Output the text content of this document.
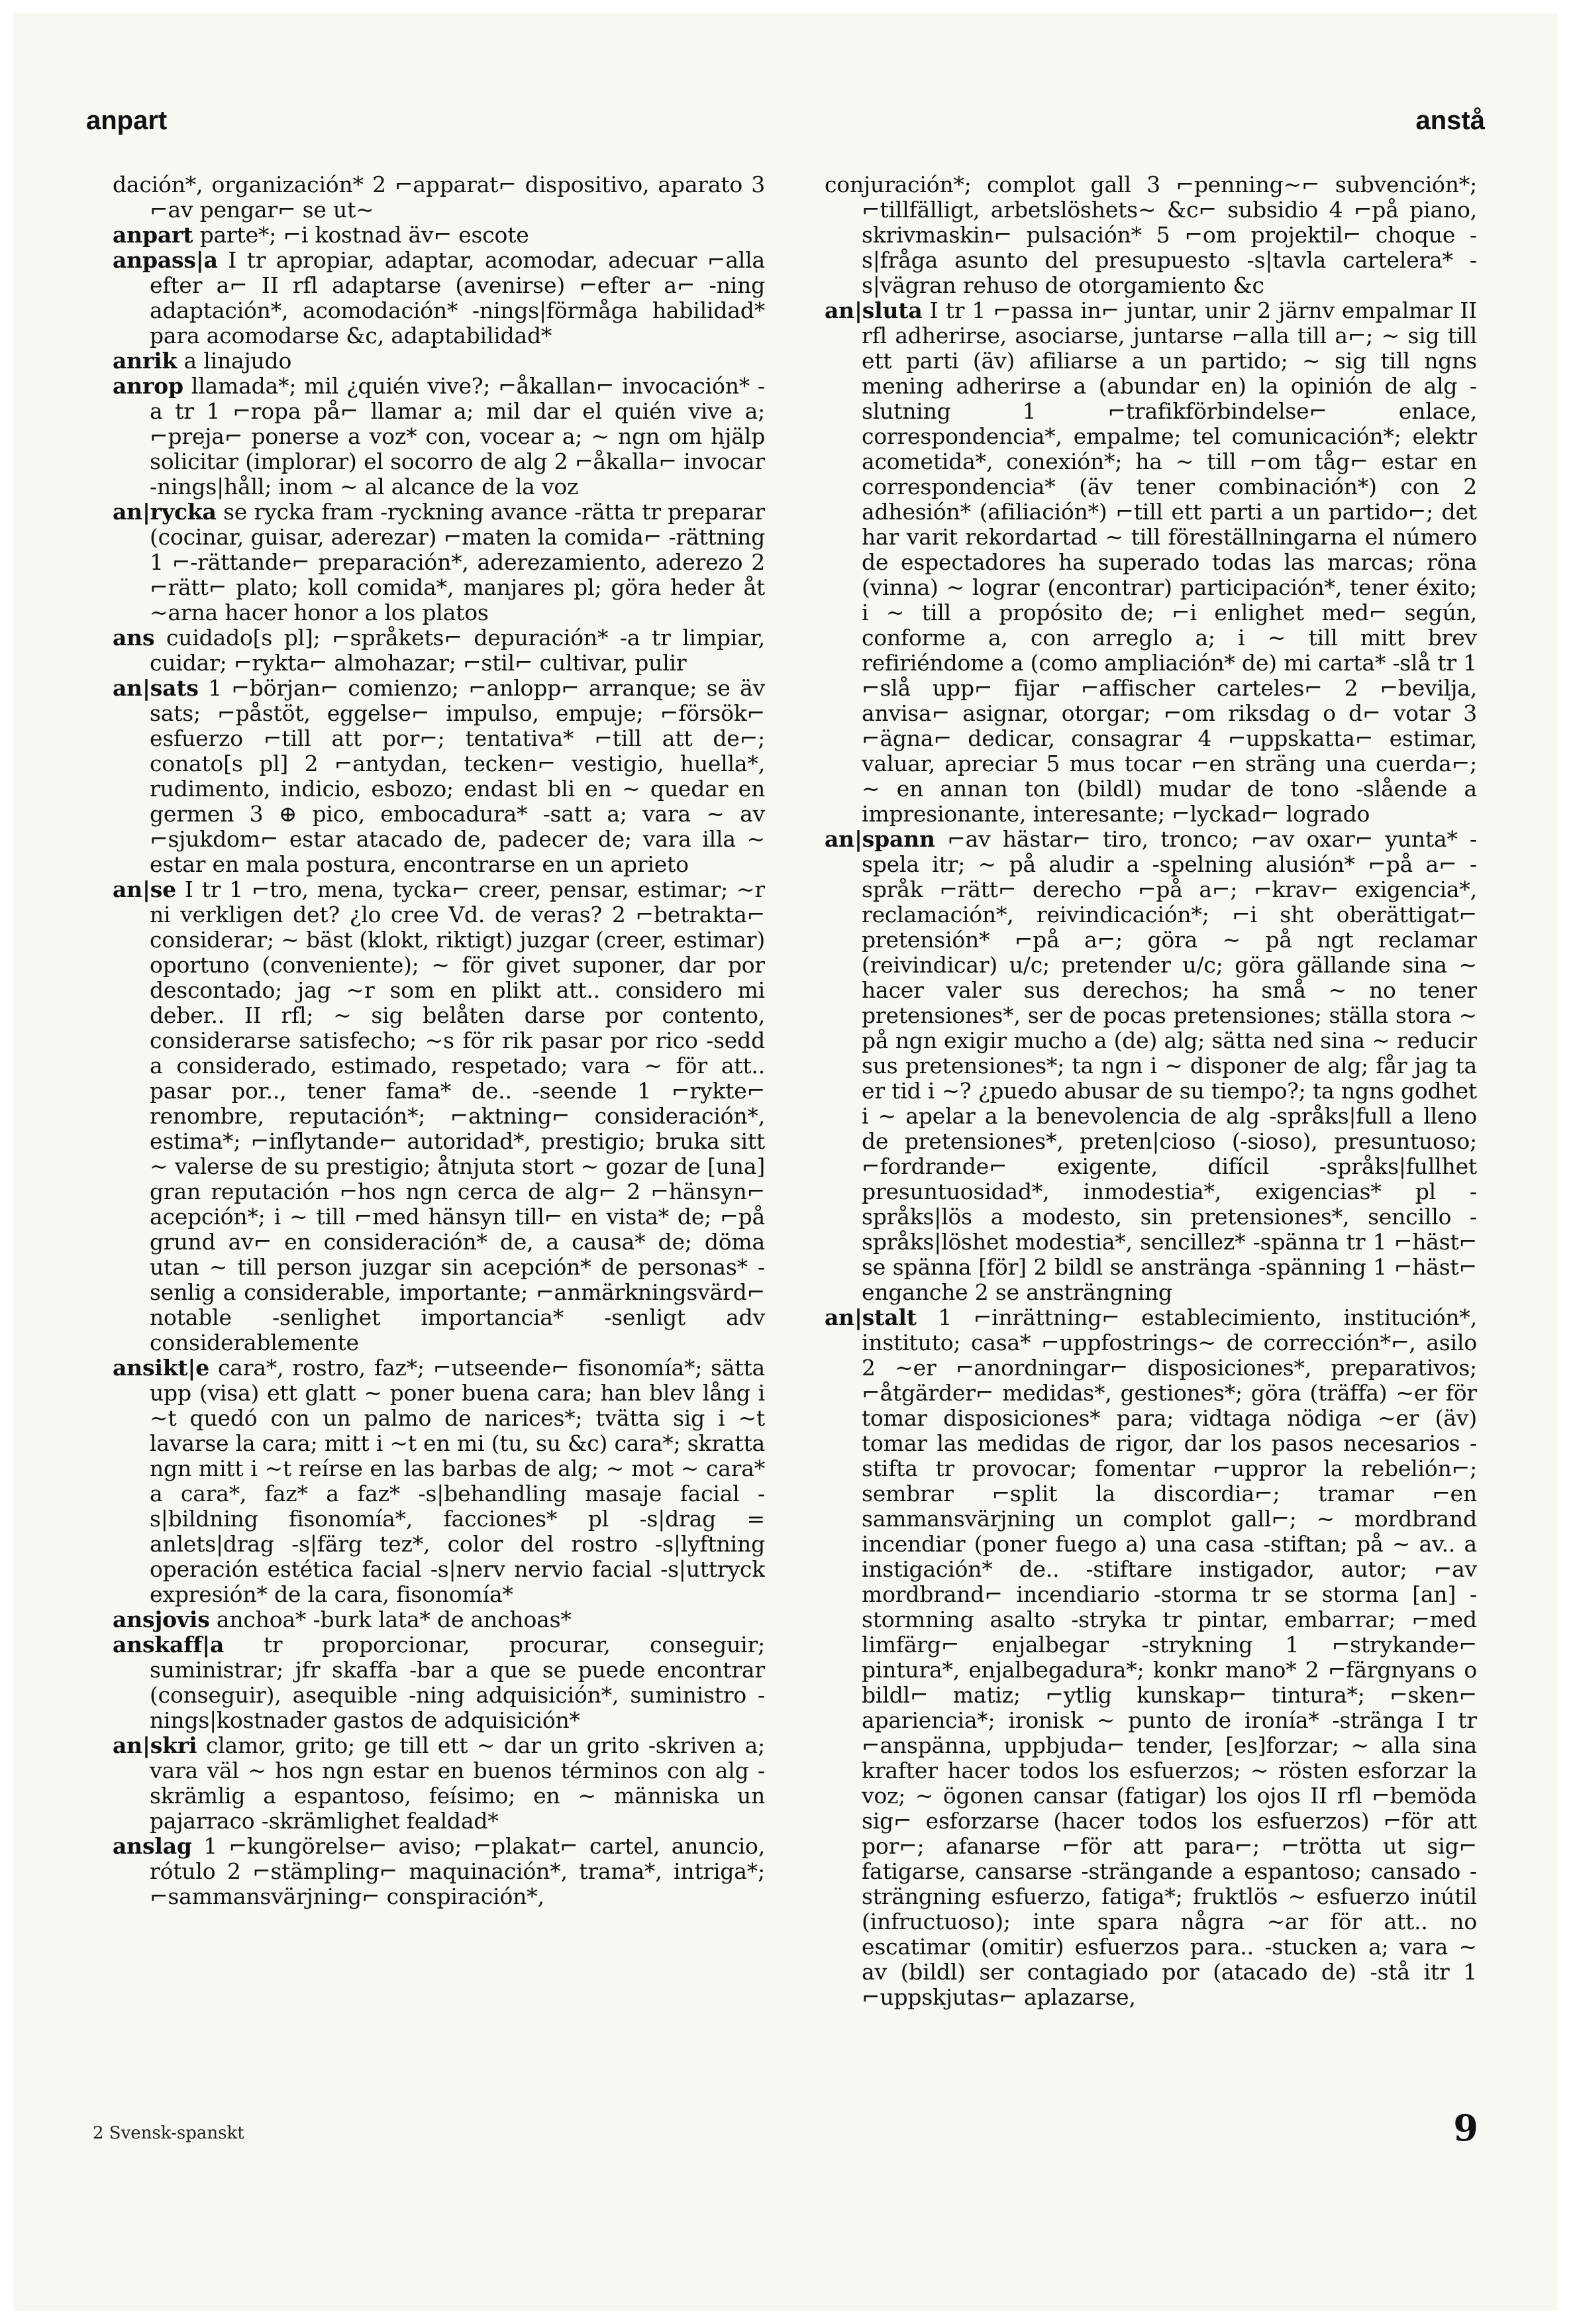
anpart	anstå

dación*, organización* 2 ⌐apparat⌐ dispositivo, aparato 3 ⌐av pengar⌐ se ut~

anpart parte*; ⌐i kostnad äv⌐ escote

anpass|a I tr apropiar, adaptar, acomodar, adecuar ⌐alla efter a⌐ II rfl adaptarse (avenirse) ⌐efter a⌐ -ning adaptación*, acomodación* -nings|förmåga habilidad* para acomodarse &c, adaptabilidad*

anrik a linajudo

anrop llamada*; mil ¿quién vive?; ⌐åkallan⌐ invocación* -a tr 1 ⌐ropa på⌐ llamar a; mil dar el quién vive a; ⌐preja⌐ ponerse a voz* con, vocear a; ~ ngn om hjälp solicitar (implorar) el socorro de alg 2 ⌐åkalla⌐ invocar -nings|håll; inom ~ al alcance de la voz

an|rycka se rycka fram -ryckning avance -rätta tr preparar (cocinar, guisar, aderezar) ⌐maten la comida⌐ -rättning 1 ⌐-rättande⌐ preparación*, aderezamiento, aderezo 2 ⌐rätt⌐ plato; koll comida*, manjares pl; göra heder åt ~arna hacer honor a los platos

ans cuidado[s pl]; ⌐språkets⌐ depuración* -a tr limpiar, cuidar; ⌐rykta⌐ almohazar; ⌐stil⌐ cultivar, pulir

an|sats 1 ⌐början⌐ comienzo; ⌐anlopp⌐ arranque; se äv sats; ⌐påstöt, eggelse⌐ impulso, empuje; ⌐försök⌐ esfuerzo ⌐till att por⌐; tentativa* ⌐till att de⌐; conato[s pl] 2 ⌐antydan, tecken⌐ vestigio, huella*, rudimento, indicio, esbozo; endast bli en ~ quedar en germen 3 ⊕ pico, embocadura* -satt a; vara ~ av ⌐sjukdom⌐ estar atacado de, padecer de; vara illa ~ estar en mala postura, encontrarse en un aprieto

an|se I tr 1 ⌐tro, mena, tycka⌐ creer, pensar, estimar; ~r ni verkligen det? ¿lo cree Vd. de veras? 2 ⌐betrakta⌐ considerar; ~ bäst (klokt, riktigt) juzgar (creer, estimar) oportuno (conveniente); ~ för givet suponer, dar por descontado; jag ~r som en plikt att.. considero mi deber.. II rfl; ~ sig belåten darse por contento, considerarse satisfecho; ~s för rik pasar por rico -sedd a considerado, estimado, respetado; vara ~ för att.. pasar por.., tener fama* de.. -seende 1 ⌐rykte⌐ renombre, reputación*; ⌐aktning⌐ consideración*, estima*; ⌐inflytande⌐ autoridad*, prestigio; bruka sitt ~ valerse de su prestigio; åtnjuta stort ~ gozar de [una] gran reputación ⌐hos ngn cerca de alg⌐ 2 ⌐hänsyn⌐ acepción*; i ~ till ⌐med hänsyn till⌐ en vista* de; ⌐på grund av⌐ en consideración* de, a causa* de; döma utan ~ till person juzgar sin acepción* de personas* -senlig a considerable, importante; ⌐anmärkningsvärd⌐ notable -senlighet importancia* -senligt adv considerablemente

ansikt|e cara*, rostro, faz*; ⌐utseende⌐ fisonomía*; sätta upp (visa) ett glatt ~ poner buena cara; han blev lång i ~t quedó con un palmo de narices*; tvätta sig i ~t lavarse la cara; mitt i ~t en mi (tu, su &c) cara*; skratta ngn mitt i ~t reírse en las barbas de alg; ~ mot ~ cara* a cara*, faz* a faz* -s|behandling masaje facial -s|bildning fisonomía*, facciones* pl -s|drag = anlets|drag -s|färg tez*, color del rostro -s|lyftning operación estética facial -s|nerv nervio facial -s|uttryck expresión* de la cara, fisonomía*

ansjovis anchoa* -burk lata* de anchoas*

anskaff|a tr proporcionar, procurar, conseguir; suministrar; jfr skaffa -bar a que se puede encontrar (conseguir), asequible -ning adquisición*, suministro -nings|kostnader gastos de adquisición*

an|skri clamor, grito; ge till ett ~ dar un grito -skriven a; vara väl ~ hos ngn estar en buenos términos con alg -skrämlig a espantoso, feísimo; en ~ människa un pajarraco -skrämlighet fealdad*

anslag 1 ⌐kungörelse⌐ aviso; ⌐plakat⌐ cartel, anuncio, rótulo 2 ⌐stämpling⌐ maquinación*, trama*, intriga*; ⌐sammansvärjning⌐ conspiración*,

conjuración*; complot gall 3 ⌐penning~⌐ subvención*; ⌐tillfälligt, arbetslöshets~ &c⌐ subsidio 4 ⌐på piano, skrivmaskin⌐ pulsación* 5 ⌐om projektil⌐ choque -s|fråga asunto del presupuesto -s|tavla cartelera* -s|vägran rehuso de otorgamiento &c

an|sluta I tr 1 ⌐passa in⌐ juntar, unir 2 järnv empalmar II rfl adherirse, asociarse, juntarse ⌐alla till a⌐; ~ sig till ett parti (äv) afiliarse a un partido; ~ sig till ngns mening adherirse a (abundar en) la opinión de alg -slutning 1 ⌐trafikförbindelse⌐ enlace, correspondencia*, empalme; tel comunicación*; elektr acometida*, conexión*; ha ~ till ⌐om tåg⌐ estar en correspondencia* (äv tener combinación*) con 2 adhesión* (afiliación*) ⌐till ett parti a un partido⌐; det har varit rekordartad ~ till föreställningarna el número de espectadores ha superado todas las marcas; röna (vinna) ~ lograr (encontrar) participación*, tener éxito; i ~ till a propósito de; ⌐i enlighet med⌐ según, conforme a, con arreglo a; i ~ till mitt brev refiriéndome a (como ampliación* de) mi carta* -slå tr 1 ⌐slå upp⌐ fijar ⌐affischer carteles⌐ 2 ⌐bevilja, anvisa⌐ asignar, otorgar; ⌐om riksdag o d⌐ votar 3 ⌐ägna⌐ dedicar, consagrar 4 ⌐uppskatta⌐ estimar, valuar, apreciar 5 mus tocar ⌐en sträng una cuerda⌐; ~ en annan ton (bildl) mudar de tono -slående a impresionante, interesante; ⌐lyckad⌐ logrado

an|spann ⌐av hästar⌐ tiro, tronco; ⌐av oxar⌐ yunta* -spela itr; ~ på aludir a -spelning alusión* ⌐på a⌐ -språk ⌐rätt⌐ derecho ⌐på a⌐; ⌐krav⌐ exigencia*, reclamación*, reivindicación*; ⌐i sht oberättigat⌐ pretensión* ⌐på a⌐; göra ~ på ngt reclamar (reivindicar) u/c; pretender u/c; göra gällande sina ~ hacer valer sus derechos; ha små ~ no tener pretensiones*, ser de pocas pretensiones; ställa stora ~ på ngn exigir mucho a (de) alg; sätta ned sina ~ reducir sus pretensiones*; ta ngn i ~ disponer de alg; får jag ta er tid i ~? ¿puedo abusar de su tiempo?; ta ngns godhet i ~ apelar a la benevolencia de alg -språks|full a lleno de pretensiones*, preten|cioso (-sioso), presuntuoso; ⌐fordrande⌐ exigente, difícil -språks|fullhet presuntuosidad*, inmodestia*, exigencias* pl -språks|lös a modesto, sin pretensiones*, sencillo -språks|löshet modestia*, sencillez* -spänna tr 1 ⌐häst⌐ se spänna [för] 2 bildl se anstränga -spänning 1 ⌐häst⌐ enganche 2 se ansträngning

an|stalt 1 ⌐inrättning⌐ establecimiento, institución*, instituto; casa* ⌐uppfostrings~ de corrección*⌐, asilo 2 ~er ⌐anordningar⌐ disposiciones*, preparativos; ⌐åtgärder⌐ medidas*, gestiones*; göra (träffa) ~er för tomar disposiciones* para; vidtaga nödiga ~er (äv) tomar las medidas de rigor, dar los pasos necesarios -stifta tr provocar; fomentar ⌐uppror la rebelión⌐; sembrar ⌐split la discordia⌐; tramar ⌐en sammansvärjning un complot gall⌐; ~ mordbrand incendiar (poner fuego a) una casa -stiftan; på ~ av.. a instigación* de.. -stiftare instigador, autor; ⌐av mordbrand⌐ incendiario -storma tr se storma [an] -stormning asalto -stryka tr pintar, embarrar; ⌐med limfärg⌐ enjalbegar -strykning 1 ⌐strykande⌐ pintura*, enjalbegadura*; konkr mano* 2 ⌐färgnyans o bildl⌐ matiz; ⌐ytlig kunskap⌐ tintura*; ⌐sken⌐ apariencia*; ironisk ~ punto de ironía* -stränga I tr ⌐anspänna, uppbjuda⌐ tender, [es]forzar; ~ alla sina krafter hacer todos los esfuerzos; ~ rösten esforzar la voz; ~ ögonen cansar (fatigar) los ojos II rfl ⌐bemöda sig⌐ esforzarse (hacer todos los esfuerzos) ⌐för att por⌐; afanarse ⌐för att para⌐; ⌐trötta ut sig⌐ fatigarse, cansarse -strängande a espantoso; cansado -strängning esfuerzo, fatiga*; fruktlös ~ esfuerzo inútil (infructuoso); inte spara några ~ar för att.. no escatimar (omitir) esfuerzos para.. -stucken a; vara ~ av (bildl) ser contagiado por (atacado de) -stå itr 1 ⌐uppskjutas⌐ aplazarse,

2 Svensk-spanskt	9
